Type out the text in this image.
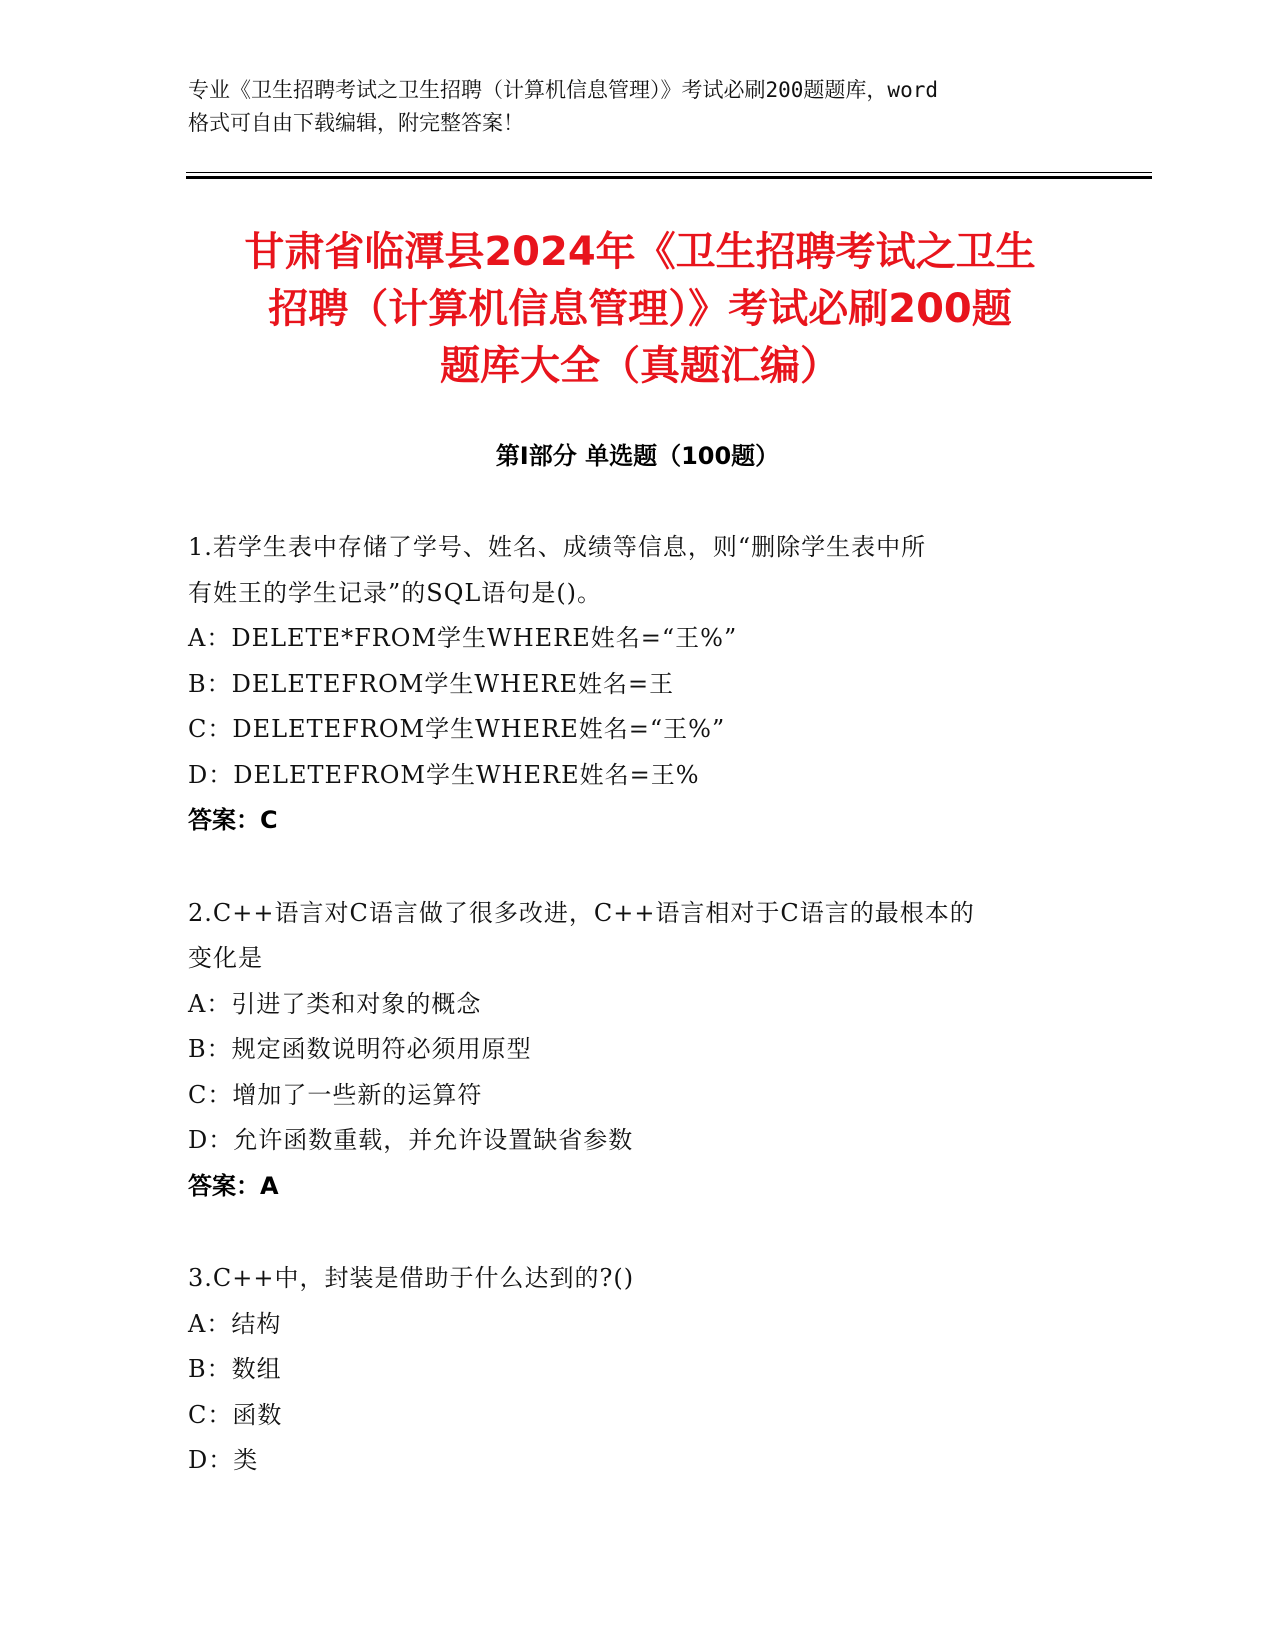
专业《卫生招聘考试之卫生招聘（计算机信息管理）》考试必刷200题题库，word
格式可自由下载编辑，附完整答案！
甘肃省临潭县2024年《卫生招聘考试之卫生
招聘（计算机信息管理）》考试必刷200题
题库大全（真题汇编）
第Ⅰ部分 单选题（100题）
1.若学生表中存储了学号、姓名、成绩等信息，则“删除学生表中所
有姓王的学生记录”的SQL语句是()。
A：DELETE*FROM学生WHERE姓名=“王%”
B：DELETEFROM学生WHERE姓名=王
C：DELETEFROM学生WHERE姓名=“王%”
D：DELETEFROM学生WHERE姓名=王%
答案：C
2.C++语言对C语言做了很多改进，C++语言相对于C语言的最根本的
变化是
A：引进了类和对象的概念
B：规定函数说明符必须用原型
C：增加了一些新的运算符
D：允许函数重载，并允许设置缺省参数
答案：A
3.C++中，封装是借助于什么达到的?()
A：结构
B：数组
C：函数
D：类
